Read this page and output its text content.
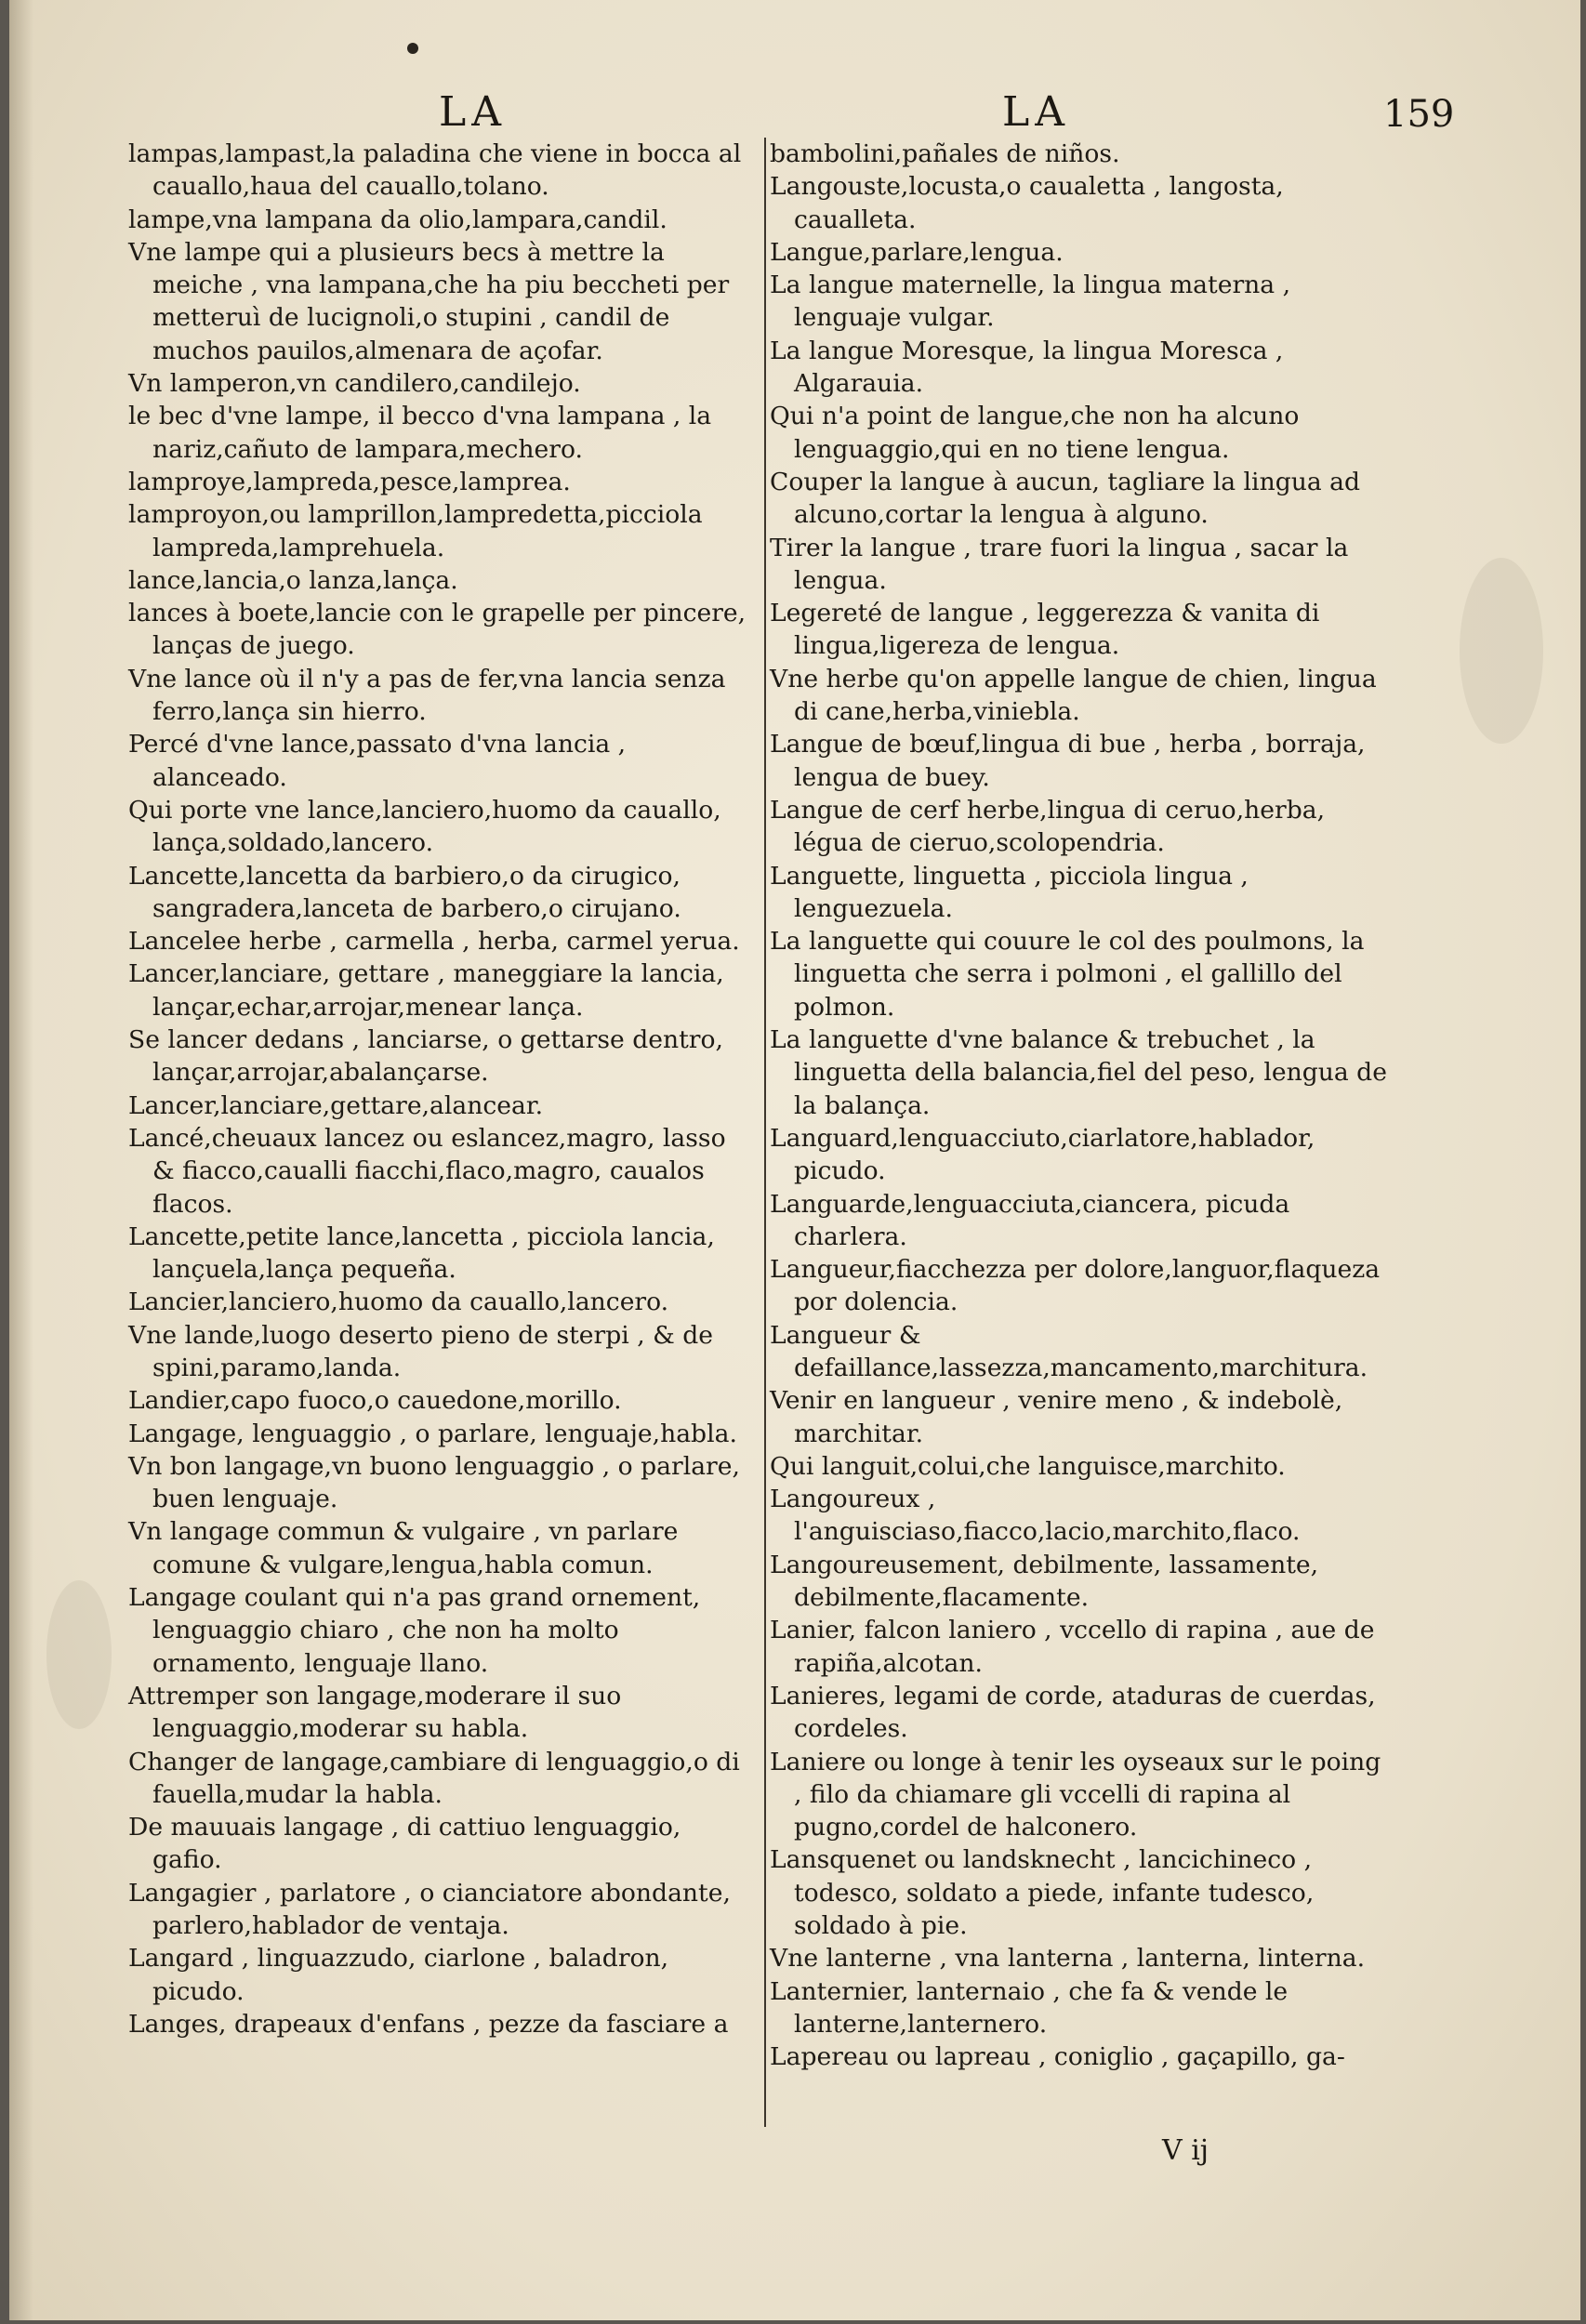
LA	LA	159

lampas,lampast,la paladina che viene in bocca al cauallo,haua del cauallo,tolano.

lampe,vna lampana da olio,lampara,candil.

Vne lampe qui a plusieurs becs à mettre la meiche , vna lampana,che ha piu beccheti per metteruì de lucignoli,o stupini , candil de muchos pauilos,almenara de açofar.

Vn lamperon,vn candilero,candilejo.

le bec d'vne lampe, il becco d'vna lampana , la nariz,cañuto de lampara,mechero.

lamproye,lampreda,pesce,lamprea.

lamproyon,ou lamprillon,lampredetta,picciola lampreda,lamprehuela.

lance,lancia,o lanza,lança.

lances à boete,lancie con le grapelle per pincere, lanças de juego.

Vne lance où il n'y a pas de fer,vna lancia senza ferro,lança sin hierro.

Percé d'vne lance,passato d'vna lancia , alanceado.

Qui porte vne lance,lanciero,huomo da cauallo, lança,soldado,lancero.

Lancette,lancetta da barbiero,o da cirugico, sangradera,lanceta de barbero,o cirujano.

Lancelee herbe , carmella , herba, carmel yerua.

Lancer,lanciare, gettare , maneggiare la lancia, lançar,echar,arrojar,menear lança.

Se lancer dedans , lanciarse, o gettarse dentro, lançar,arrojar,abalançarse.

Lancer,lanciare,gettare,alancear.

Lancé,cheuaux lancez ou eslancez,magro, lasso & fiacco,caualli fiacchi,flaco,magro, caualos flacos.

Lancette,petite lance,lancetta , picciola lancia, lançuela,lança pequeña.

Lancier,lanciero,huomo da cauallo,lancero.

Vne lande,luogo deserto pieno de sterpi , & de spini,paramo,landa.

Landier,capo fuoco,o cauedone,morillo.

Langage, lenguaggio , o parlare, lenguaje,habla.

Vn bon langage,vn buono lenguaggio , o parlare, buen lenguaje.

Vn langage commun & vulgaire , vn parlare comune & vulgare,lengua,habla comun.

Langage coulant qui n'a pas grand ornement, lenguaggio chiaro , che non ha molto ornamento, lenguaje llano.

Attremper son langage,moderare il suo lenguaggio,moderar su habla.

Changer de langage,cambiare di lenguaggio,o di fauella,mudar la habla.

De mauuais langage , di cattiuo lenguaggio, gafio.

Langagier , parlatore , o cianciatore abondante, parlero,hablador de ventaja.

Langard , linguazzudo, ciarlone , baladron, picudo.

Langes, drapeaux d'enfans , pezze da fasciare a

bambolini,pañales de niños.

Langouste,locusta,o caualetta , langosta, caualleta.

Langue,parlare,lengua.

La langue maternelle, la lingua materna , lenguaje vulgar.

La langue Moresque, la lingua Moresca , Algarauia.

Qui n'a point de langue,che non ha alcuno lenguaggio,qui en no tiene lengua.

Couper la langue à aucun, tagliare la lingua ad alcuno,cortar la lengua à alguno.

Tirer la langue , trare fuori la lingua , sacar la lengua.

Legereté de langue , leggerezza & vanita di lingua,ligereza de lengua.

Vne herbe qu'on appelle langue de chien, lingua di cane,herba,viniebla.

Langue de bœuf,lingua di bue , herba , borraja, lengua de buey.

Langue de cerf herbe,lingua di ceruo,herba, légua de cieruo,scolopendria.

Languette, linguetta , picciola lingua , lenguezuela.

La languette qui couure le col des poulmons, la linguetta che serra i polmoni , el gallillo del polmon.

La languette d'vne balance & trebuchet , la linguetta della balancia,fiel del peso, lengua de la balança.

Languard,lenguacciuto,ciarlatore,hablador, picudo.

Languarde,lenguacciuta,ciancera, picuda charlera.

Langueur,fiacchezza per dolore,languor,flaqueza por dolencia.

Langueur & defaillance,lassezza,mancamento,marchitura.

Venir en langueur , venire meno , & indebolè, marchitar.

Qui languit,colui,che languisce,marchito.

Langoureux , l'anguisciaso,fiacco,lacio,marchito,flaco.

Langoureusement, debilmente, lassamente, debilmente,flacamente.

Lanier, falcon laniero , vccello di rapina , aue de rapiña,alcotan.

Lanieres, legami de corde, ataduras de cuerdas, cordeles.

Laniere ou longe à tenir les oyseaux sur le poing , filo da chiamare gli vccelli di rapina al pugno,cordel de halconero.

Lansquenet ou landsknecht , lancichineco , todesco, soldato a piede, infante tudesco, soldado à pie.

Vne lanterne , vna lanterna , lanterna, linterna.

Lanternier, lanternaio , che fa & vende le lanterne,lanternero.

Lapereau ou lapreau , coniglio , gaçapillo, ga-

V ij
